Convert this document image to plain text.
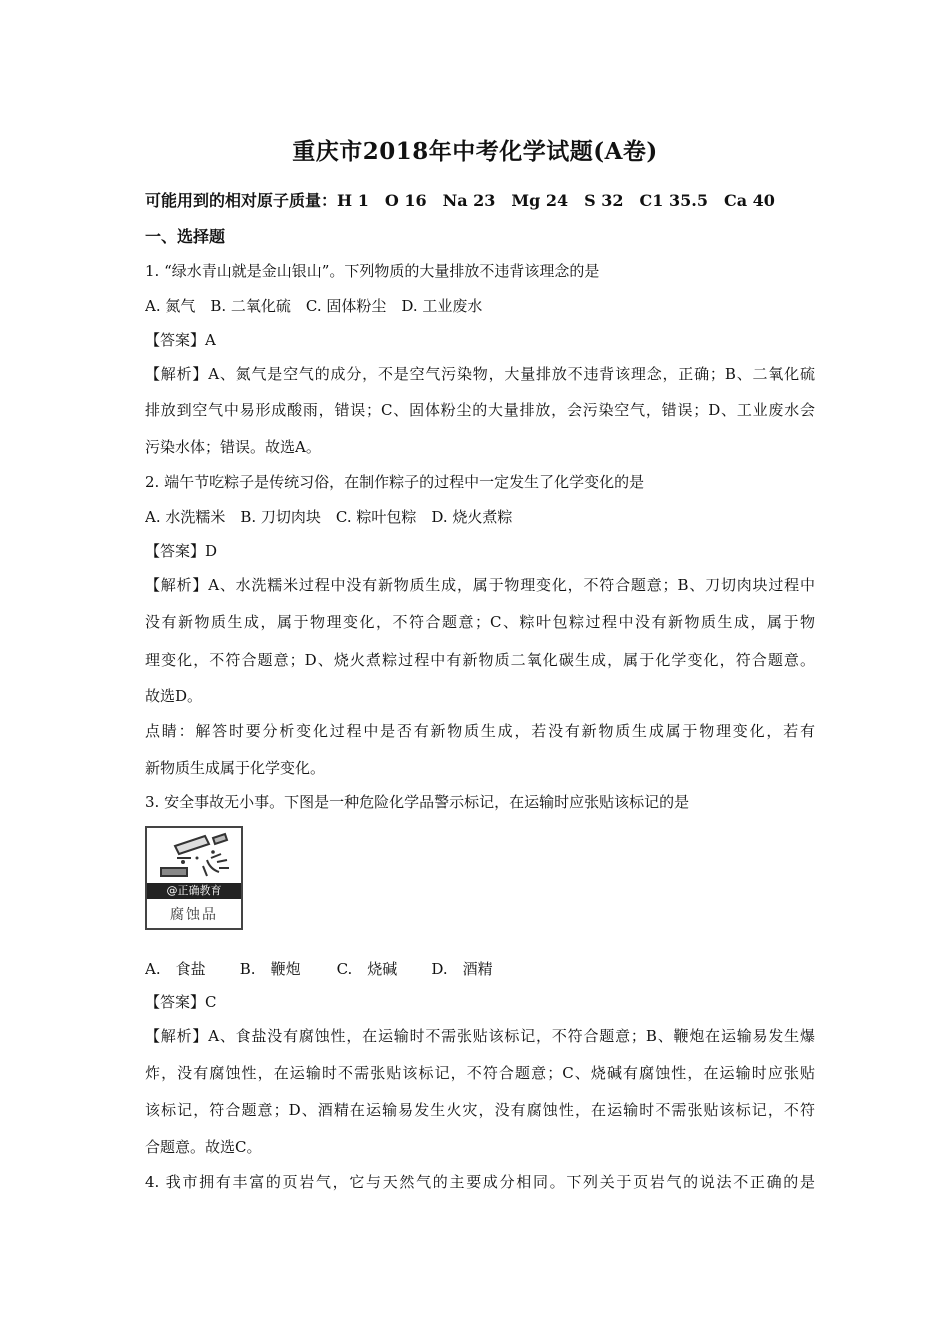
重庆市2018年中考化学试题(A卷)
可能用到的相对原子质量：H 1　O 16　Na 23　Mg 24　S 32　C1 35.5　Ca 40
一、选择题
1. “绿水青山就是金山银山”。下列物质的大量排放不违背该理念的是
A. 氮气　B. 二氧化硫　C. 固体粉尘　D. 工业废水
【答案】A
【解析】A、氮气是空气的成分，不是空气污染物，大量排放不违背该理念，正确；B、二氧化硫
排放到空气中易形成酸雨，错误；C、固体粉尘的大量排放，会污染空气，错误；D、工业废水会
污染水体；错误。故选A。
2. 端午节吃粽子是传统习俗，在制作粽子的过程中一定发生了化学变化的是
A. 水洗糯米　B. 刀切肉块　C. 粽叶包粽　D. 烧火煮粽
【答案】D
【解析】A、水洗糯米过程中没有新物质生成，属于物理变化，不符合题意；B、刀切肉块过程中
没有新物质生成，属于物理变化，不符合题意；C、粽叶包粽过程中没有新物质生成，属于物
理变化，不符合题意；D、烧火煮粽过程中有新物质二氧化碳生成，属于化学变化，符合题意。
故选D。
点睛：解答时要分析变化过程中是否有新物质生成，若没有新物质生成属于物理变化，若有
新物质生成属于化学变化。
3. 安全事故无小事。下图是一种危险化学品警示标记，在运输时应张贴该标记的是
@正确教育
腐蚀品
A.　食盐 B.　鞭炮 C.　烧碱 D.　酒精
【答案】C
【解析】A、食盐没有腐蚀性，在运输时不需张贴该标记，不符合题意；B、鞭炮在运输易发生爆
炸，没有腐蚀性，在运输时不需张贴该标记，不符合题意；C、烧碱有腐蚀性，在运输时应张贴
该标记，符合题意；D、酒精在运输易发生火灾，没有腐蚀性，在运输时不需张贴该标记，不符
合题意。故选C。
4. 我市拥有丰富的页岩气，它与天然气的主要成分相同。下列关于页岩气的说法不正确的是
